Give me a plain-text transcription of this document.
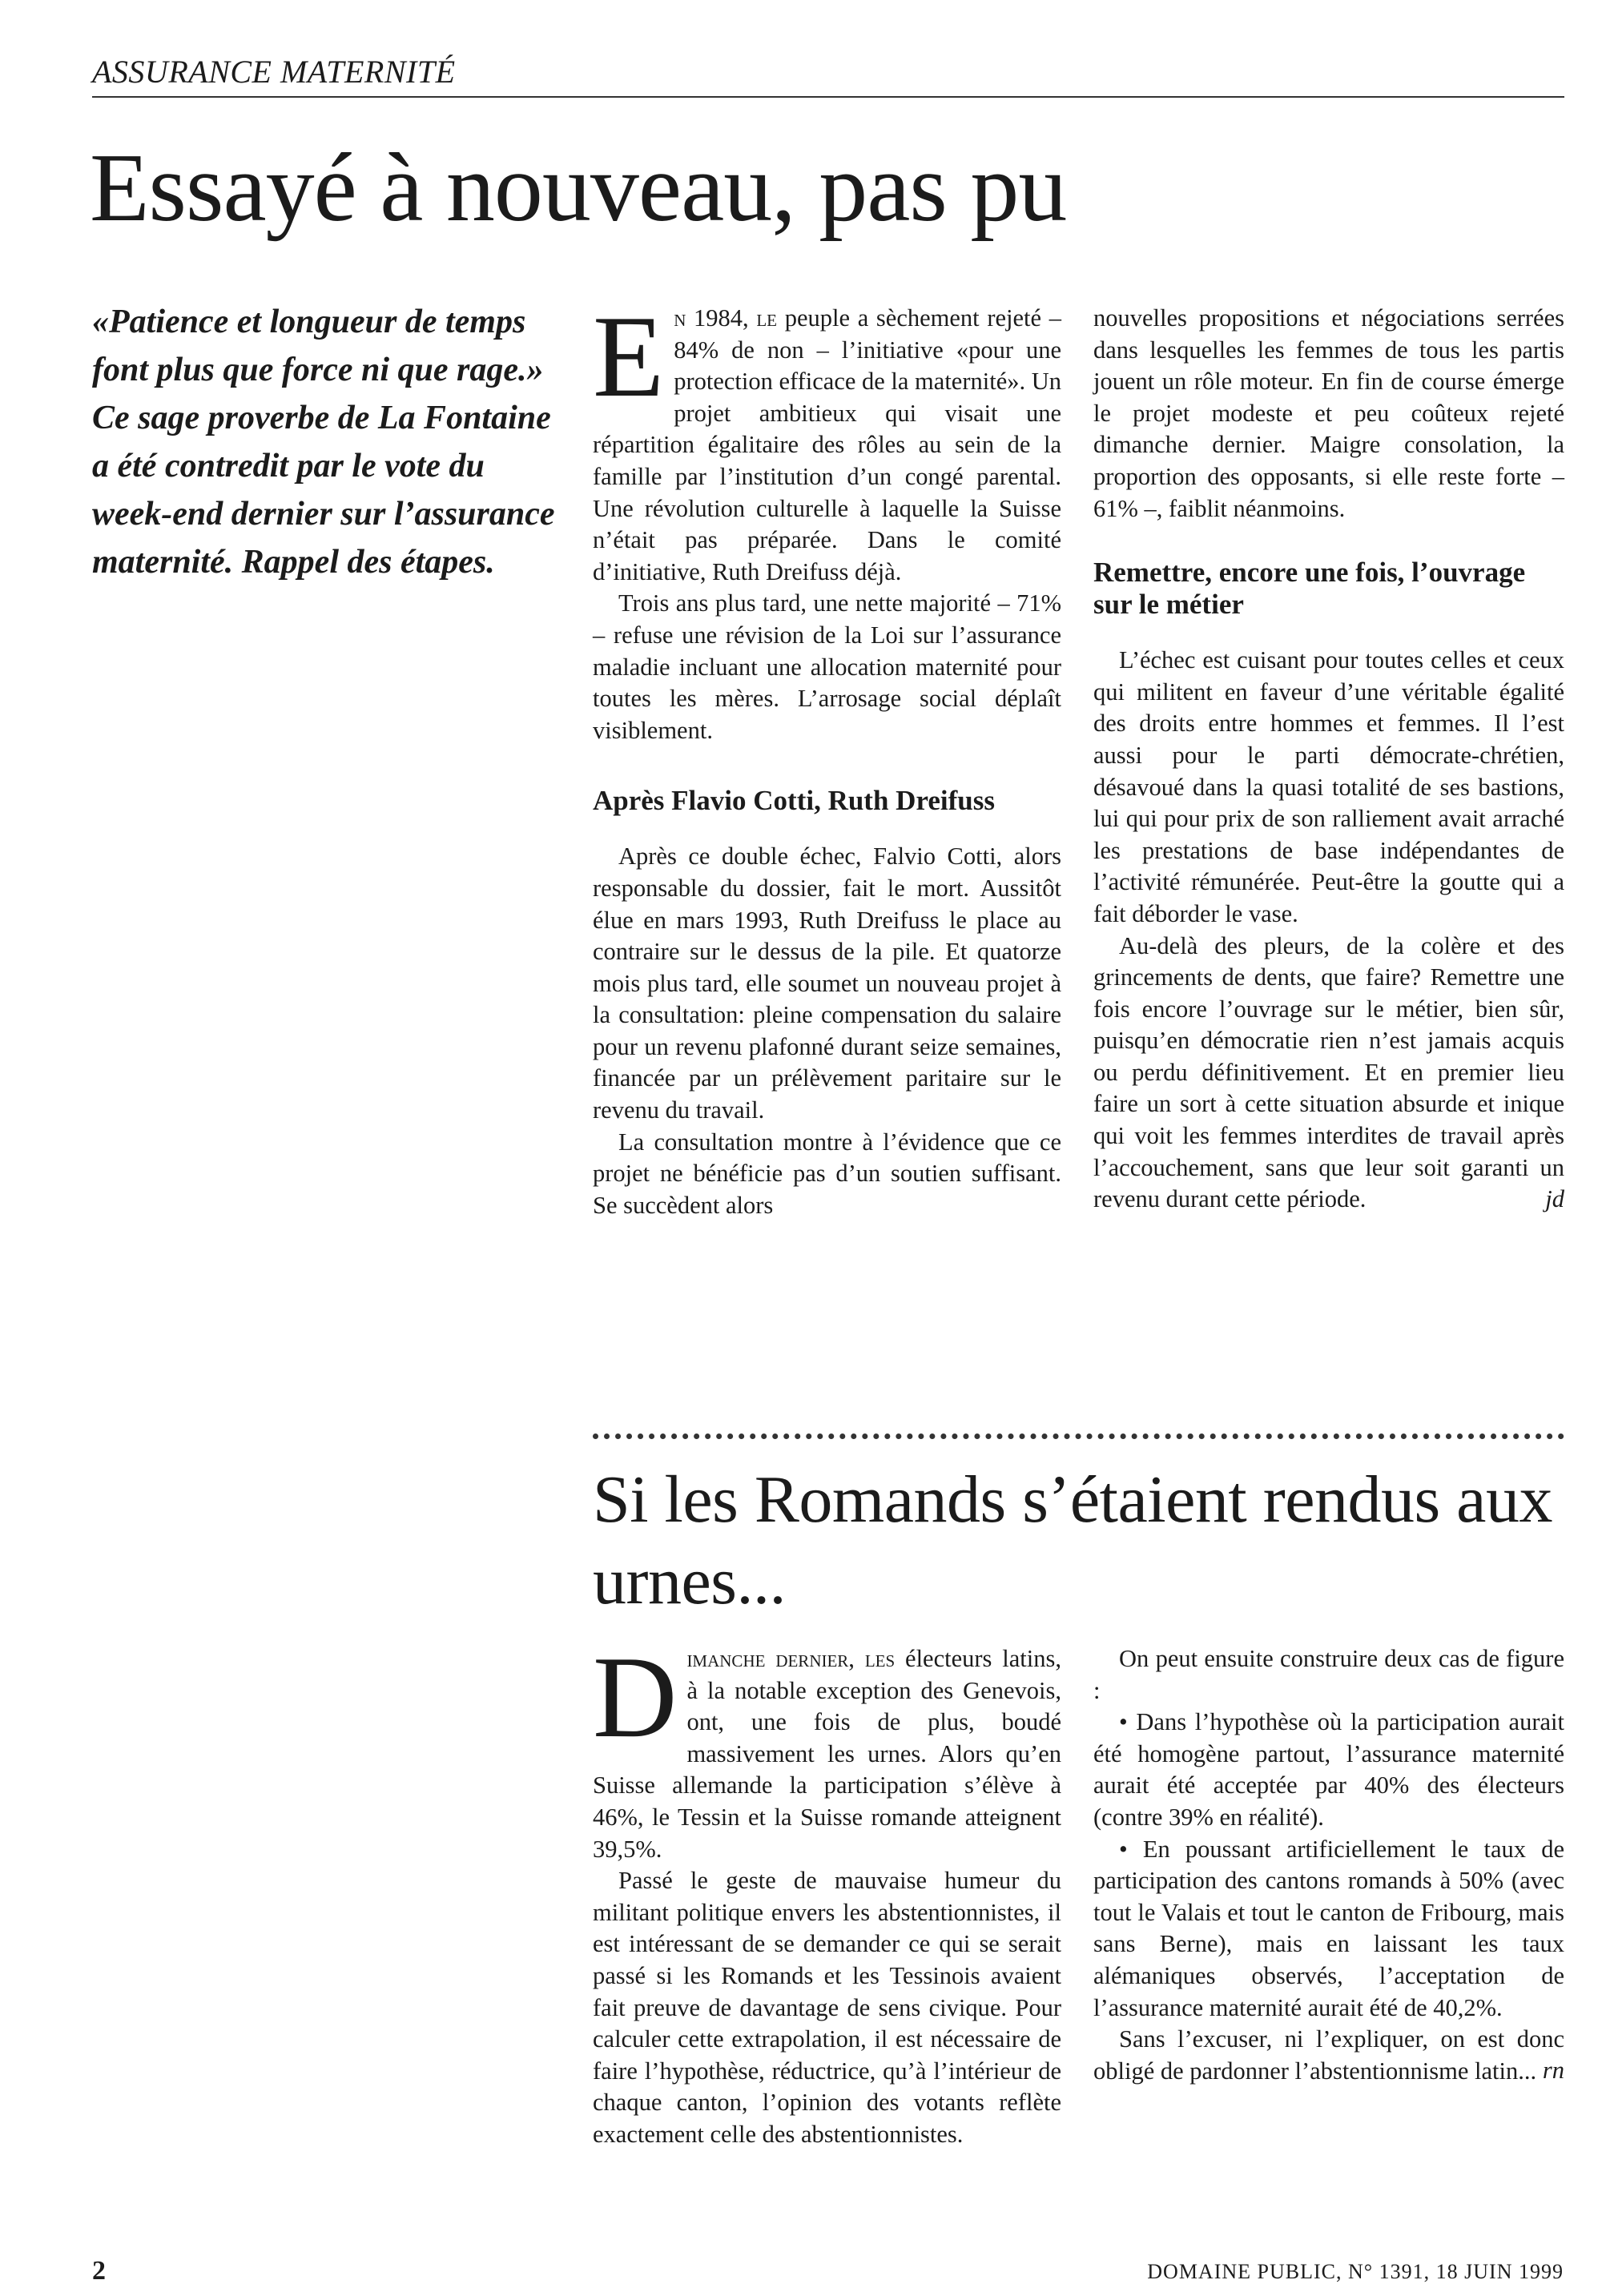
ASSURANCE MATERNITÉ
Essayé à nouveau, pas pu

«Patience et longueur de temps font plus que force ni que rage.» Ce sage proverbe de La Fontaine a été contredit par le vote du week-end dernier sur l’assurance maternité. Rappel des étapes.

En 1984, le peuple a sèchement rejeté – 84% de non – l’initiative «pour une protection efficace de la maternité». Un projet ambitieux qui visait une répartition égalitaire des rôles au sein de la famille par l’institution d’un congé parental. Une révolution culturelle à laquelle la Suisse n’était pas préparée. Dans le comité d’initiative, Ruth Dreifuss déjà.

Trois ans plus tard, une nette majorité – 71% – refuse une révision de la Loi sur l’assurance maladie incluant une allocation maternité pour toutes les mères. L’arrosage social déplaît visiblement.

Après Flavio Cotti, Ruth Dreifuss

Après ce double échec, Falvio Cotti, alors responsable du dossier, fait le mort. Aussitôt élue en mars 1993, Ruth Dreifuss le place au contraire sur le dessus de la pile. Et quatorze mois plus tard, elle soumet un nouveau projet à la consultation: pleine compensation du salaire pour un revenu plafonné durant seize semaines, financée par un prélèvement paritaire sur le revenu du travail.

La consultation montre à l’évidence que ce projet ne bénéficie pas d’un soutien suffisant. Se succèdent alors

nouvelles propositions et négociations serrées dans lesquelles les femmes de tous les partis jouent un rôle moteur. En fin de course émerge le projet modeste et peu coûteux rejeté dimanche dernier. Maigre consolation, la proportion des opposants, si elle reste forte – 61% –, faiblit néanmoins.

Remettre, encore une fois, l’ouvrage sur le métier

L’échec est cuisant pour toutes celles et ceux qui militent en faveur d’une véritable égalité des droits entre hommes et femmes. Il l’est aussi pour le parti démocrate-chrétien, désavoué dans la quasi totalité de ses bastions, lui qui pour prix de son ralliement avait arraché les prestations de base indépendantes de l’activité rémunérée. Peut-être la goutte qui a fait déborder le vase.

Au-delà des pleurs, de la colère et des grincements de dents, que faire? Remettre une fois encore l’ouvrage sur le métier, bien sûr, puisqu’en démocratie rien n’est jamais acquis ou perdu définitivement. Et en premier lieu faire un sort à cette situation absurde et inique qui voit les femmes interdites de travail après l’accouchement, sans que leur soit garanti un revenu durant cette période.	jd
Si les Romands s’étaient rendus aux urnes...

Dimanche dernier, les électeurs latins, à la notable exception des Genevois, ont, une fois de plus, boudé massivement les urnes. Alors qu’en Suisse allemande la participation s’élève à 46%, le Tessin et la Suisse romande atteignent 39,5%.

Passé le geste de mauvaise humeur du militant politique envers les abstentionnistes, il est intéressant de se demander ce qui se serait passé si les Romands et les Tessinois avaient fait preuve de davantage de sens civique. Pour calculer cette extrapolation, il est nécessaire de faire l’hypothèse, réductrice, qu’à l’intérieur de chaque canton, l’opinion des votants reflète exactement celle des abstentionnistes.

On peut ensuite construire deux cas de figure :

• Dans l’hypothèse où la participation aurait été homogène partout, l’assurance maternité aurait été acceptée par 40% des électeurs (contre 39% en réalité).

• En poussant artificiellement le taux de participation des cantons romands à 50% (avec tout le Valais et tout le canton de Fribourg, mais sans Berne), mais en laissant les taux alémaniques observés, l’acceptation de l’assurance maternité aurait été de 40,2%.

Sans l’excuser, ni l’expliquer, on est donc obligé de pardonner l’abstentionnisme latin... rn
2	DOMAINE PUBLIC, N° 1391, 18 JUIN 1999
